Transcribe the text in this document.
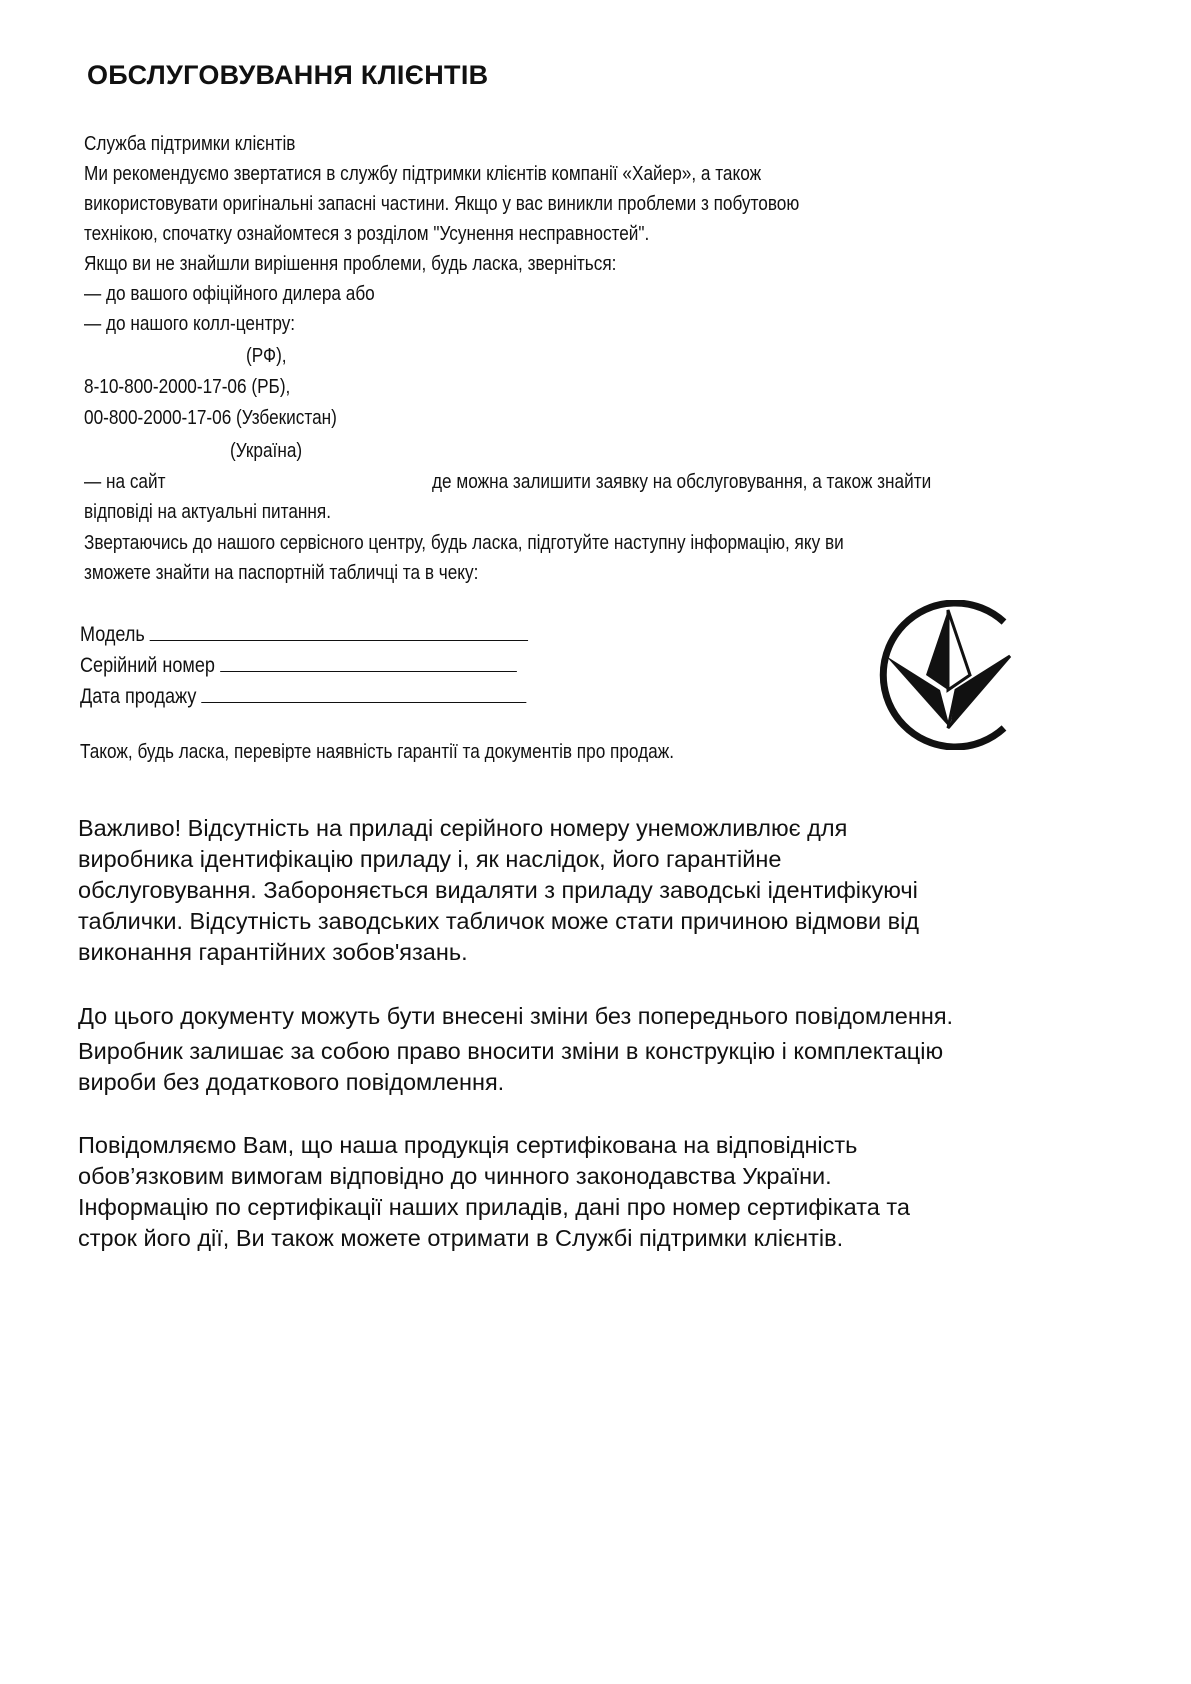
ОБСЛУГОВУВАННЯ КЛІЄНТІВ
Служба підтримки клієнтів
Ми рекомендуємо звертатися в службу підтримки клієнтів компанії «Хайер», а також
використовувати оригінальні запасні частини. Якщо у вас виникли проблеми з побутовою
технікою, спочатку ознайомтеся з розділом "Усунення несправностей".
Якщо ви не знайшли вирішення проблеми, будь ласка, зверніться:
— до вашого офіційного дилера або
— до нашого колл-центру:
(РФ),
8-10-800-2000-17-06 (РБ),
00-800-2000-17-06 (Узбекистан)
(Україна)
— на сайт	де можна залишити заявку на обслуговування, а також знайти
відповіді на актуальні питання.
Звертаючись до нашого сервісного центру, будь ласка, підготуйте наступну інформацію, яку ви
зможете знайти на паспортній табличці та в чеку:
Модель
Серійний номер
Дата продажу
Також, будь ласка, перевірте наявність гарантії та документів про продаж.

Важливо! Відсутність на приладі серійного номеру унеможливлює для

виробника ідентифікацію приладу і, як наслідок, його гарантійне

обслуговування. Забороняється видаляти з приладу заводські ідентифікуючі

таблички. Відсутність заводських табличок може стати причиною відмови від

виконання гарантійних зобов'язань.

До цього документу можуть бути внесені зміни без попереднього повідомлення.

Виробник залишає за собою право вносити зміни в конструкцію і комплектацію

вироби без додаткового повідомлення.

Повідомляємо Вам, що наша продукція сертифікована на відповідність

обов’язковим вимогам відповідно до чинного законодавства України.

Інформацію по сертифікації наших приладів, дані про номер сертифіката та

строк його дії, Ви також можете отримати в Службі підтримки клієнтів.
